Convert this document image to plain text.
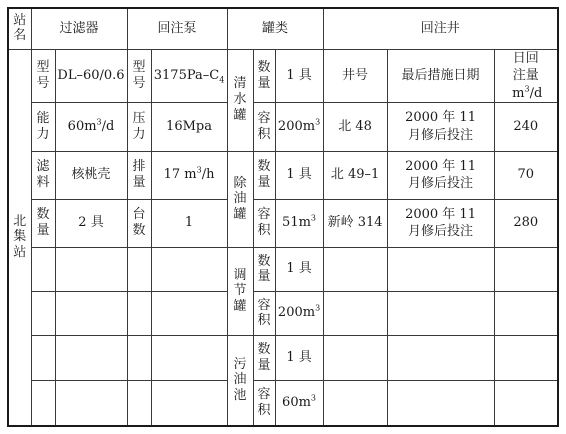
站名	过滤器		回注泵		罐类			回注井		
北集站	型号	DL–60/0.6	型号	$3175Pa-C_4$	清水罐	数量	1 具	井号	最后措施日期	日回注量 $m^3/d$
	能力	$60m^3/d$	压力	16Mpa		容积	$200m^3$	北 48	2000 年 11 月修后投注	240
	滤料	核桃壳	排量	17 $m^3/h$	除油罐	数量	1 具	北 49–1	2000 年 11 月修后投注	70
	数量	2 具	台数	1		容积	$51m^3$	新岭 314	2000 年 11 月修后投注	280
					调节罐	数量	1 具			
						容积	$200m^3$			
					污油池	数量	1 具			
						容积	$60m^3$			
